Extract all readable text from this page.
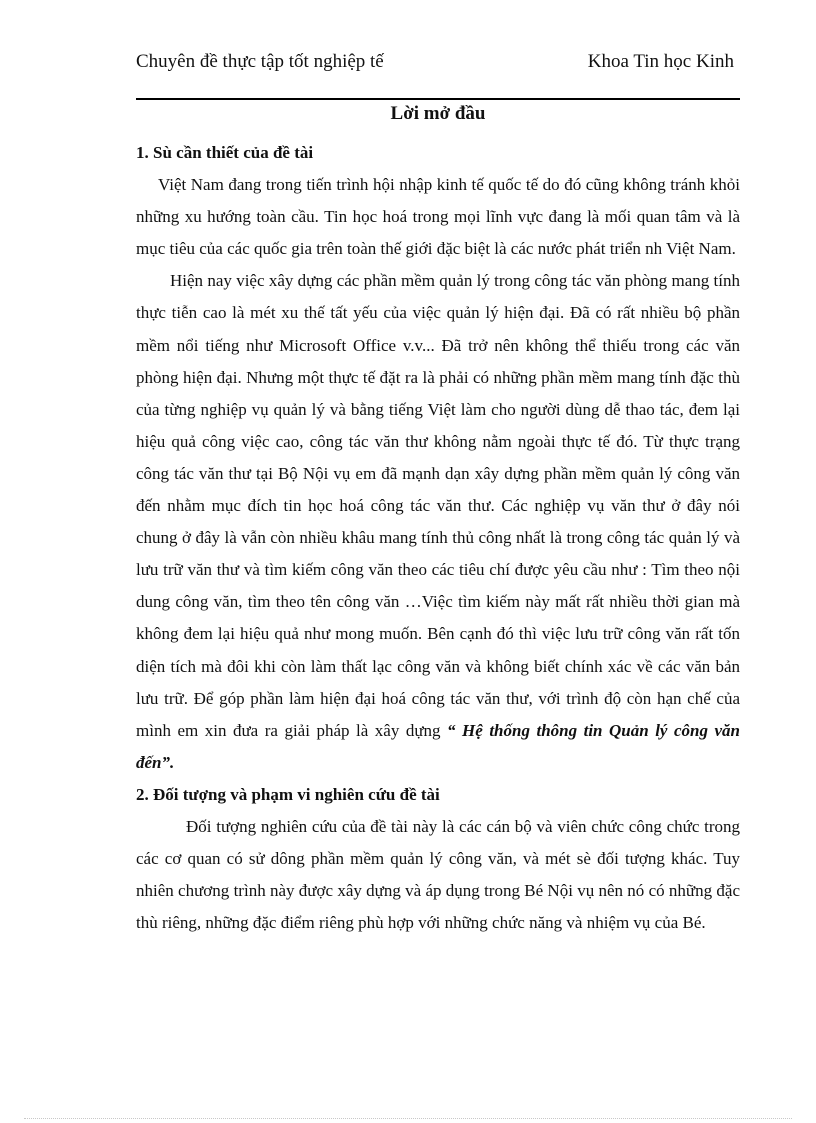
Chuyên đề thực tập tốt nghiệp tế	Khoa Tin học Kinh
Lời mở đầu

1. Sù cần thiết của đề tài

Việt Nam đang trong tiến trình hội nhập kinh tế quốc tế do đó cũng không tránh khỏi những xu hướng toàn cầu. Tin học hoá trong mọi lĩnh vực đang là mối quan tâm và là mục tiêu của các quốc gia trên toàn thế giới đặc biệt là các nước phát triển nh Việt Nam.

Hiện nay việc xây dựng các phần mềm quản lý trong công tác văn phòng mang tính thực tiễn cao là mét xu thế tất yếu của việc quản lý hiện đại. Đã có rất nhiều bộ phần mềm nổi tiếng như Microsoft Office v.v... Đã trở nên không thể thiếu trong các văn phòng hiện đại. Nhưng một thực tế đặt ra là phải có những phần mềm mang tính đặc thù của từng nghiệp vụ quản lý và bằng tiếng Việt làm cho người dùng dễ thao tác, đem lại hiệu quả công việc cao, công tác văn thư không nằm ngoài thực tế đó. Từ thực trạng công tác văn thư tại Bộ Nội vụ em đã mạnh dạn xây dựng phần mềm quản lý công văn đến nhằm mục đích tin học hoá công tác văn thư. Các nghiệp vụ văn thư ở đây nói chung ở đây là vẫn còn nhiều khâu mang tính thủ công nhất là trong công tác quản lý và lưu trữ văn thư và tìm kiếm công văn theo các tiêu chí được yêu cầu như : Tìm theo nội dung công văn, tìm theo tên công văn …Việc tìm kiếm này mất rất nhiều thời gian mà không đem lại hiệu quả như mong muốn. Bên cạnh đó thì việc lưu trữ công văn rất tốn diện tích mà đôi khi còn làm thất lạc công văn và không biết chính xác về các văn bản lưu trữ. Để góp phần làm hiện đại hoá công tác văn thư, với trình độ còn hạn chế của mình em xin đưa ra giải pháp là xây dựng “ Hệ thống thông tin Quản lý công văn đến”.

2. Đối tượng và phạm vi nghiên cứu đề tài

Đối tượng nghiên cứu của đề tài này là các cán bộ và viên chức công chức trong các cơ quan có sử dông phần mềm quản lý công văn, và mét sè đối tượng khác. Tuy nhiên chương trình này được xây dựng và áp dụng trong Bé Nội vụ nên nó có những đặc thù riêng, những đặc điểm riêng phù hợp với những chức năng và nhiệm vụ của Bé.
